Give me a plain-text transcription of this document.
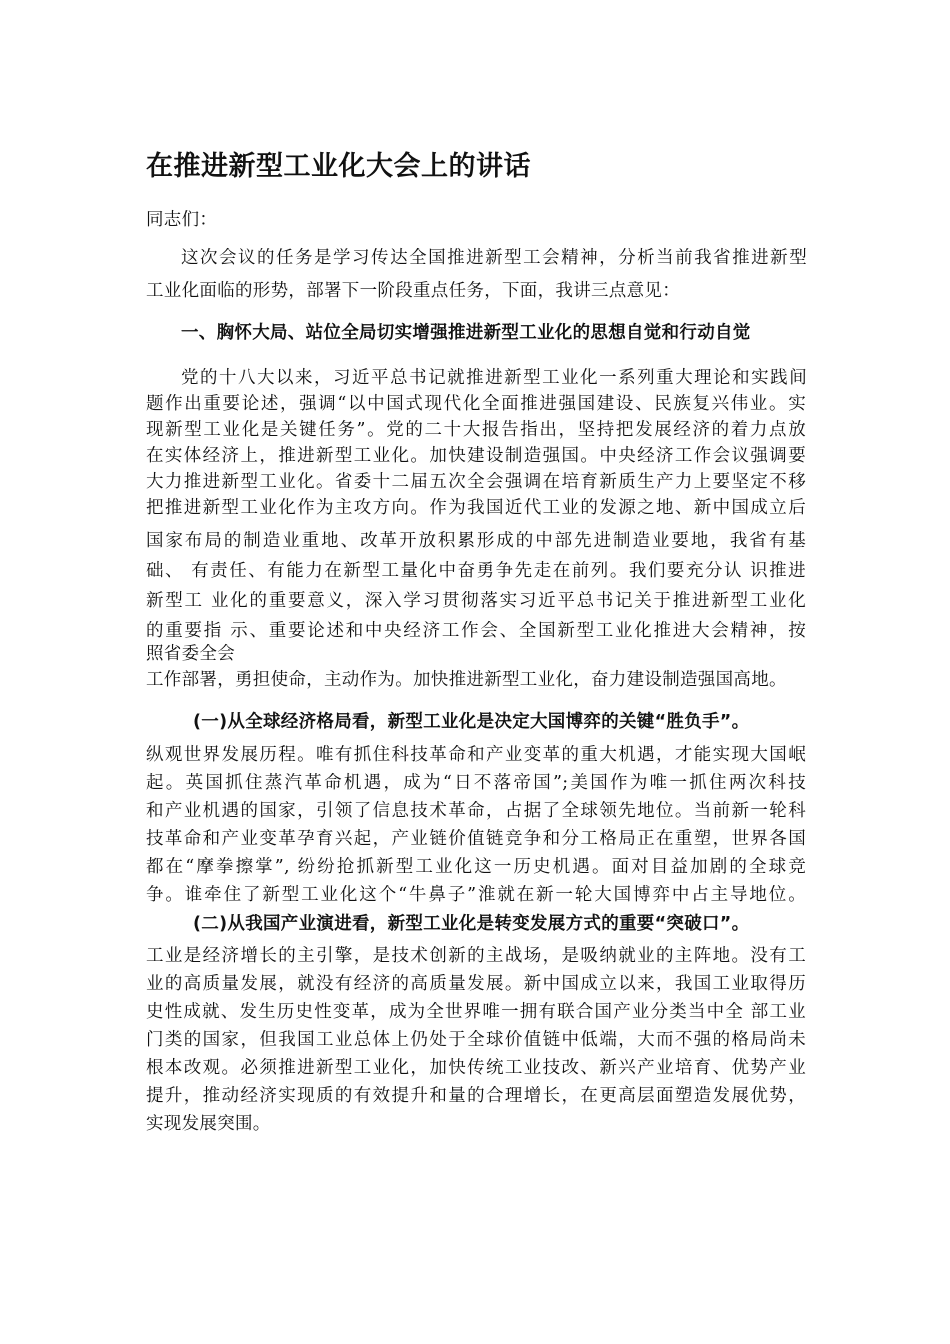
在推进新型工业化大会上的讲话
同志们：
这次会议的任务是学习传达全国推进新型工会精神，分析当前我省推进新型
工业化面临的形势，部署下一阶段重点任务，下面，我讲三点意见：
一、胸怀大局、站位全局切实增强推进新型工业化的思想自觉和行动自觉
党的十八大以来，习近平总书记就推进新型工业化一系列重大理论和实践间
题作出重要论述，强调“以中国式现代化全面推进强国建设、民族复兴伟业。实
现新型工业化是关键任务”。党的二十大报告指出，坚持把发展经济的着力点放
在实体经济上，推进新型工业化。加快建设制造强国。中央经济工作会议强调要
大力推进新型工业化。省委十二届五次全会强调在培育新质生产力上要坚定不移
把推进新型工业化作为主攻方向。作为我国近代工业的发源之地、新中国成立后
国家布局的制造业重地、改革开放积累形成的中部先进制造业要地，我省有基
础、 有责任、有能力在新型工量化中奋勇争先走在前列。我们要充分认 识推进
新型工 业化的重要意义，深入学习贯彻落实习近平总书记关于推进新型工业化
的重要指 示、重要论述和中央经济工作会、全国新型工业化推进大会精神，按
照省委全会
工作部署，勇担使命，主动作为。加快推进新型工业化，奋力建设制造强国高地。
(一)从全球经济格局看，新型工业化是决定大国博弈的关键“胜负手”。
纵观世界发展历程。唯有抓住科技革命和产业变革的重大机遇，才能实现大国岷
起。英国抓住蒸汽革命机遇，成为“日不落帝国”;美国作为唯一抓住两次科技
和产业机遇的国家，引领了信息技术革命，占据了全球领先地位。当前新一轮科
技革命和产业变革孕育兴起，产业链价值链竞争和分工格局正在重塑，世界各国
都在“摩拳擦掌”, 纷纷抢抓新型工业化这一历史机遇。面对目益加剧的全球竞
争。谁牵住了新型工业化这个“牛鼻子”淮就在新一轮大国博弈中占主导地位。
(二)从我国产业演进看，新型工业化是转变发展方式的重要“突破口”。
工业是经济增长的主引擎，是技术创新的主战场，是吸纳就业的主阵地。没有工
业的高质量发展，就没有经济的高质量发展。新中国成立以来，我国工业取得历
史性成就、发生历史性变革，成为全世界唯一拥有联合国产业分类当中全 部工业
门类的国家，但我国工业总体上仍处于全球价值链中低端，大而不强的格局尚未
根本改观。必须推进新型工业化，加快传统工业技改、新兴产业培育、优势产业
提升，推动经济实现质的有效提升和量的合理增长，在更高层面塑造发展优势，
实现发展突围。
